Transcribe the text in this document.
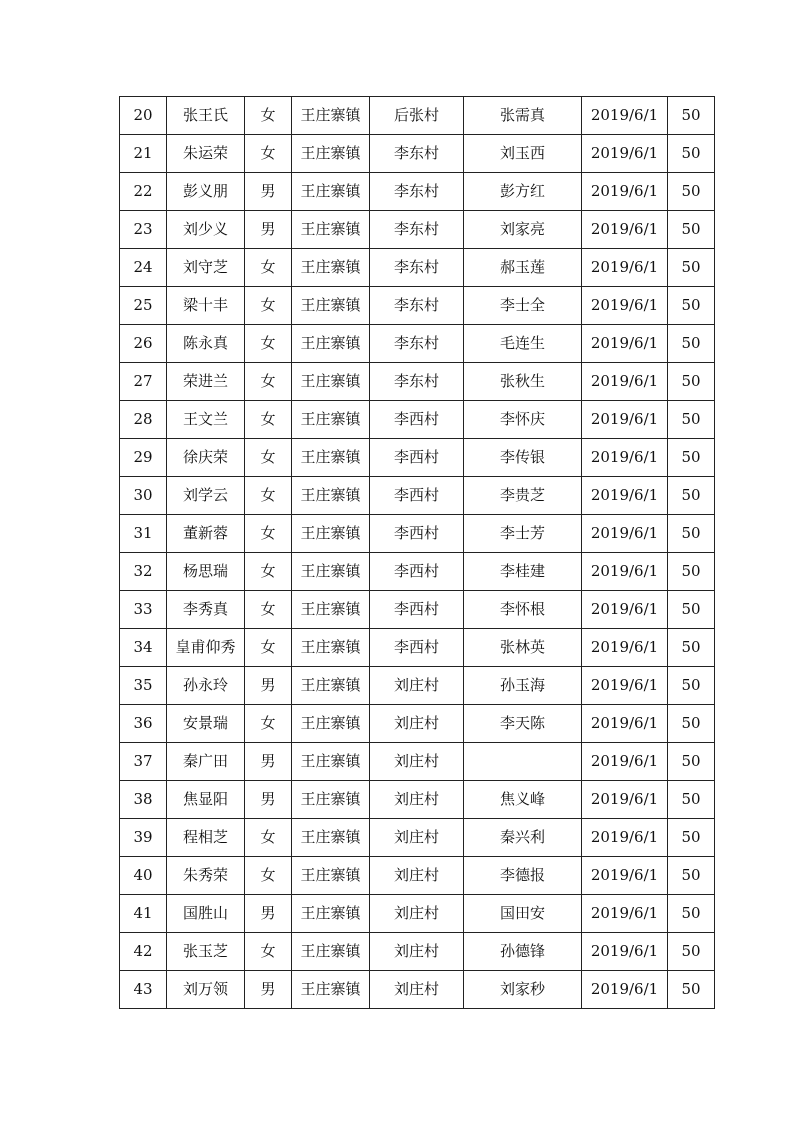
20	张王氏	女	王庄寨镇	后张村	张需真	2019/6/1	50
21	朱运荣	女	王庄寨镇	李东村	刘玉西	2019/6/1	50
22	彭义朋	男	王庄寨镇	李东村	彭方红	2019/6/1	50
23	刘少义	男	王庄寨镇	李东村	刘家亮	2019/6/1	50
24	刘守芝	女	王庄寨镇	李东村	郝玉莲	2019/6/1	50
25	梁十丰	女	王庄寨镇	李东村	李士全	2019/6/1	50
26	陈永真	女	王庄寨镇	李东村	毛连生	2019/6/1	50
27	荣进兰	女	王庄寨镇	李东村	张秋生	2019/6/1	50
28	王文兰	女	王庄寨镇	李西村	李怀庆	2019/6/1	50
29	徐庆荣	女	王庄寨镇	李西村	李传银	2019/6/1	50
30	刘学云	女	王庄寨镇	李西村	李贵芝	2019/6/1	50
31	董新蓉	女	王庄寨镇	李西村	李士芳	2019/6/1	50
32	杨思瑞	女	王庄寨镇	李西村	李桂建	2019/6/1	50
33	李秀真	女	王庄寨镇	李西村	李怀根	2019/6/1	50
34	皇甫仰秀	女	王庄寨镇	李西村	张林英	2019/6/1	50
35	孙永玲	男	王庄寨镇	刘庄村	孙玉海	2019/6/1	50
36	安景瑞	女	王庄寨镇	刘庄村	李天陈	2019/6/1	50
37	秦广田	男	王庄寨镇	刘庄村		2019/6/1	50
38	焦显阳	男	王庄寨镇	刘庄村	焦义峰	2019/6/1	50
39	程相芝	女	王庄寨镇	刘庄村	秦兴利	2019/6/1	50
40	朱秀荣	女	王庄寨镇	刘庄村	李德报	2019/6/1	50
41	国胜山	男	王庄寨镇	刘庄村	国田安	2019/6/1	50
42	张玉芝	女	王庄寨镇	刘庄村	孙德锋	2019/6/1	50
43	刘万领	男	王庄寨镇	刘庄村	刘家秒	2019/6/1	50
